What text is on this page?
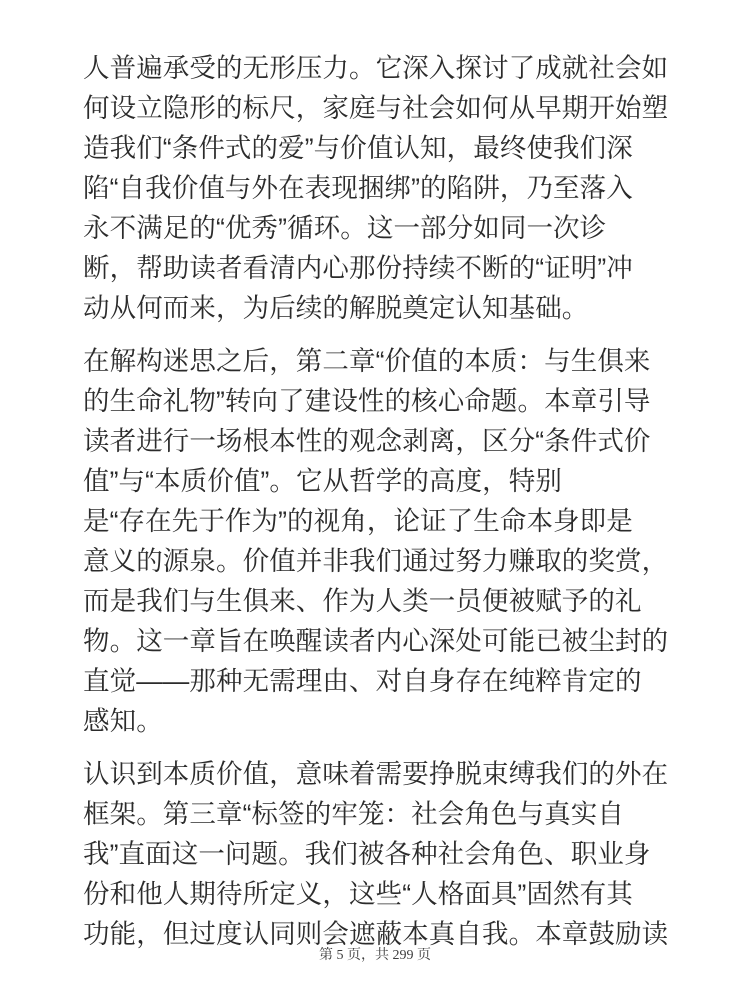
人普遍承受的无形压力。它深入探讨了成就社会如
何设立隐形的标尺，家庭与社会如何从早期开始塑
造我们“条件式的爱”与价值认知，最终使我们深
陷“自我价值与外在表现捆绑”的陷阱，乃至落入
永不满足的“优秀”循环。这一部分如同一次诊
断，帮助读者看清内心那份持续不断的“证明”冲
动从何而来，为后续的解脱奠定认知基础。

在解构迷思之后，第二章“价值的本质：与生俱来
的生命礼物”转向了建设性的核心命题。本章引导
读者进行一场根本性的观念剥离，区分“条件式价
值”与“本质价值”。它从哲学的高度，特别
是“存在先于作为”的视角，论证了生命本身即是
意义的源泉。价值并非我们通过努力赚取的奖赏，
而是我们与生俱来、作为人类一员便被赋予的礼
物。这一章旨在唤醒读者内心深处可能已被尘封的
直觉——那种无需理由、对自身存在纯粹肯定的
感知。

认识到本质价值，意味着需要挣脱束缚我们的外在
框架。第三章“标签的牢笼：社会角色与真实自
我”直面这一问题。我们被各种社会角色、职业身
份和他人期待所定义，这些“人格面具”固然有其
功能，但过度认同则会遮蔽本真自我。本章鼓励读

第 5 页，共 299 页
